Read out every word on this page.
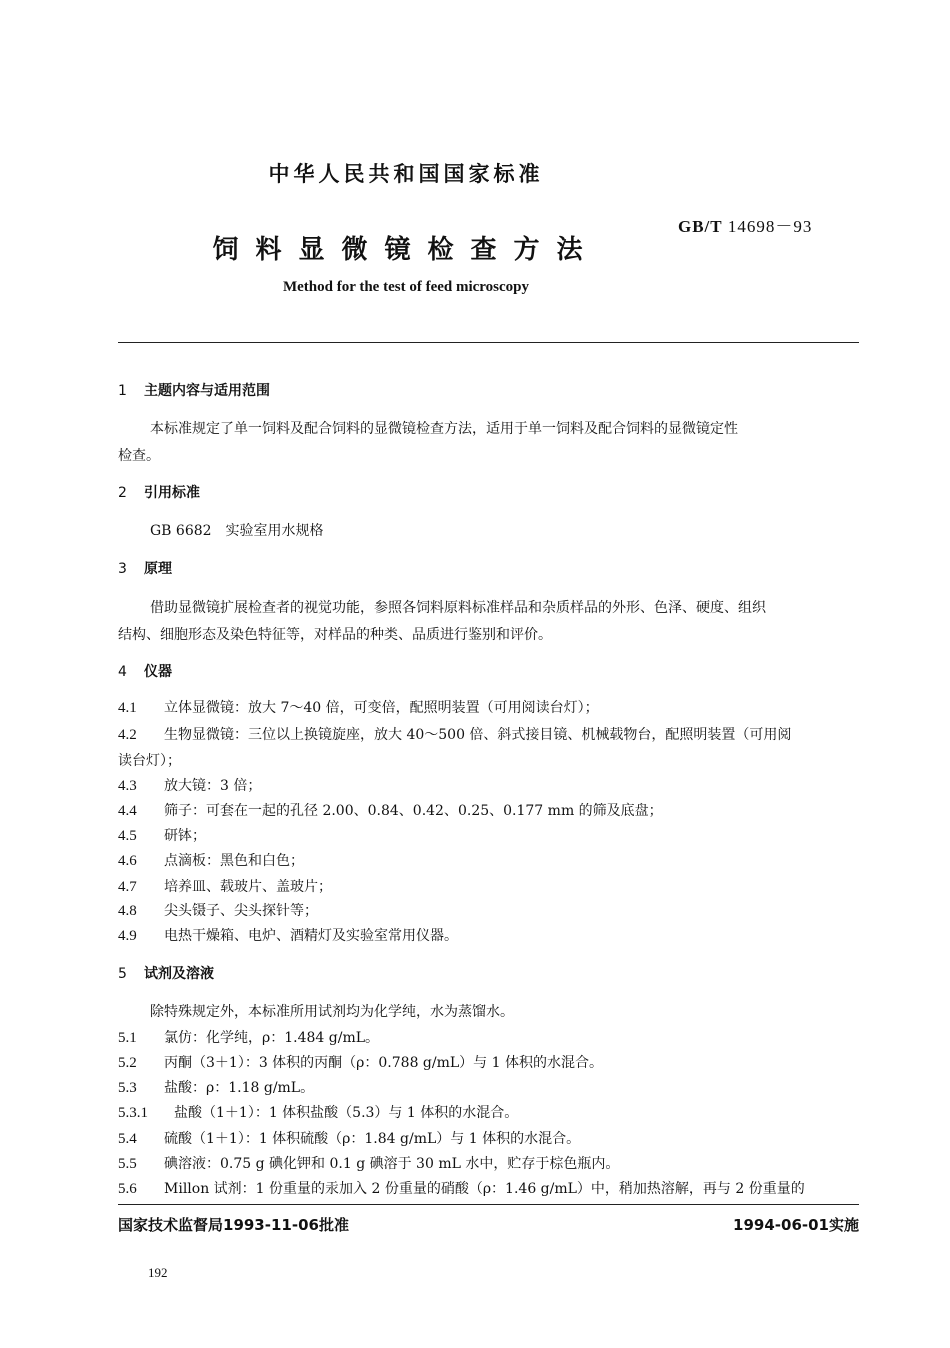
中华人民共和国国家标准
GB/T 14698－93
饲料显微镜检查方法
Method for the test of feed microscopy
1 主题内容与适用范围
本标准规定了单一饲料及配合饲料的显微镜检查方法，适用于单一饲料及配合饲料的显微镜定性
检查。
2 引用标准
GB 6682　实验室用水规格
3 原理
借助显微镜扩展检查者的视觉功能，参照各饲料原料标准样品和杂质样品的外形、色泽、硬度、组织
结构、细胞形态及染色特征等，对样品的种类、品质进行鉴别和评价。
4 仪器
4.1 立体显微镜：放大 7～40 倍，可变倍，配照明装置（可用阅读台灯）；
4.2 生物显微镜：三位以上换镜旋座，放大 40～500 倍、斜式接目镜、机械载物台，配照明装置（可用阅
读台灯）；
4.3 放大镜：3 倍；
4.4 筛子：可套在一起的孔径 2.00、0.84、0.42、0.25、0.177 mm 的筛及底盘；
4.5 研钵；
4.6 点滴板：黑色和白色；
4.7 培养皿、载玻片、盖玻片；
4.8 尖头镊子、尖头探针等；
4.9 电热干燥箱、电炉、酒精灯及实验室常用仪器。
5 试剂及溶液
除特殊规定外，本标准所用试剂均为化学纯，水为蒸馏水。
5.1 氯仿：化学纯，ρ：1.484 g/mL。
5.2 丙酮（3＋1）：3 体积的丙酮（ρ：0.788 g/mL）与 1 体积的水混合。
5.3 盐酸：ρ：1.18 g/mL。
5.3.1 盐酸（1＋1）：1 体积盐酸（5.3）与 1 体积的水混合。
5.4 硫酸（1＋1）：1 体积硫酸（ρ：1.84 g/mL）与 1 体积的水混合。
5.5 碘溶液：0.75 g 碘化钾和 0.1 g 碘溶于 30 mL 水中，贮存于棕色瓶内。
5.6 Millon 试剂：1 份重量的汞加入 2 份重量的硝酸（ρ：1.46 g/mL）中，稍加热溶解，再与 2 份重量的
国家技术监督局1993-11-06批准	1994-06-01实施
192
